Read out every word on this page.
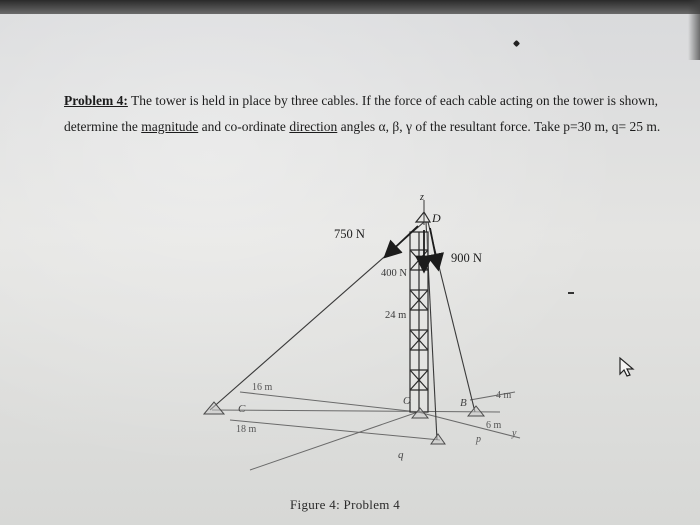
Problem 4: The tower is held in place by three cables. If the force of each cable acting on the tower is shown, determine the magnitude and co-ordinate direction angles α, β, γ of the resultant force. Take p=30 m, q= 25 m.
z
D
750 N
900 N
400 N
24 m
16 m
18 m
C
O	B
4 m
6 m
q
p
y
Figure 4: Problem 4
